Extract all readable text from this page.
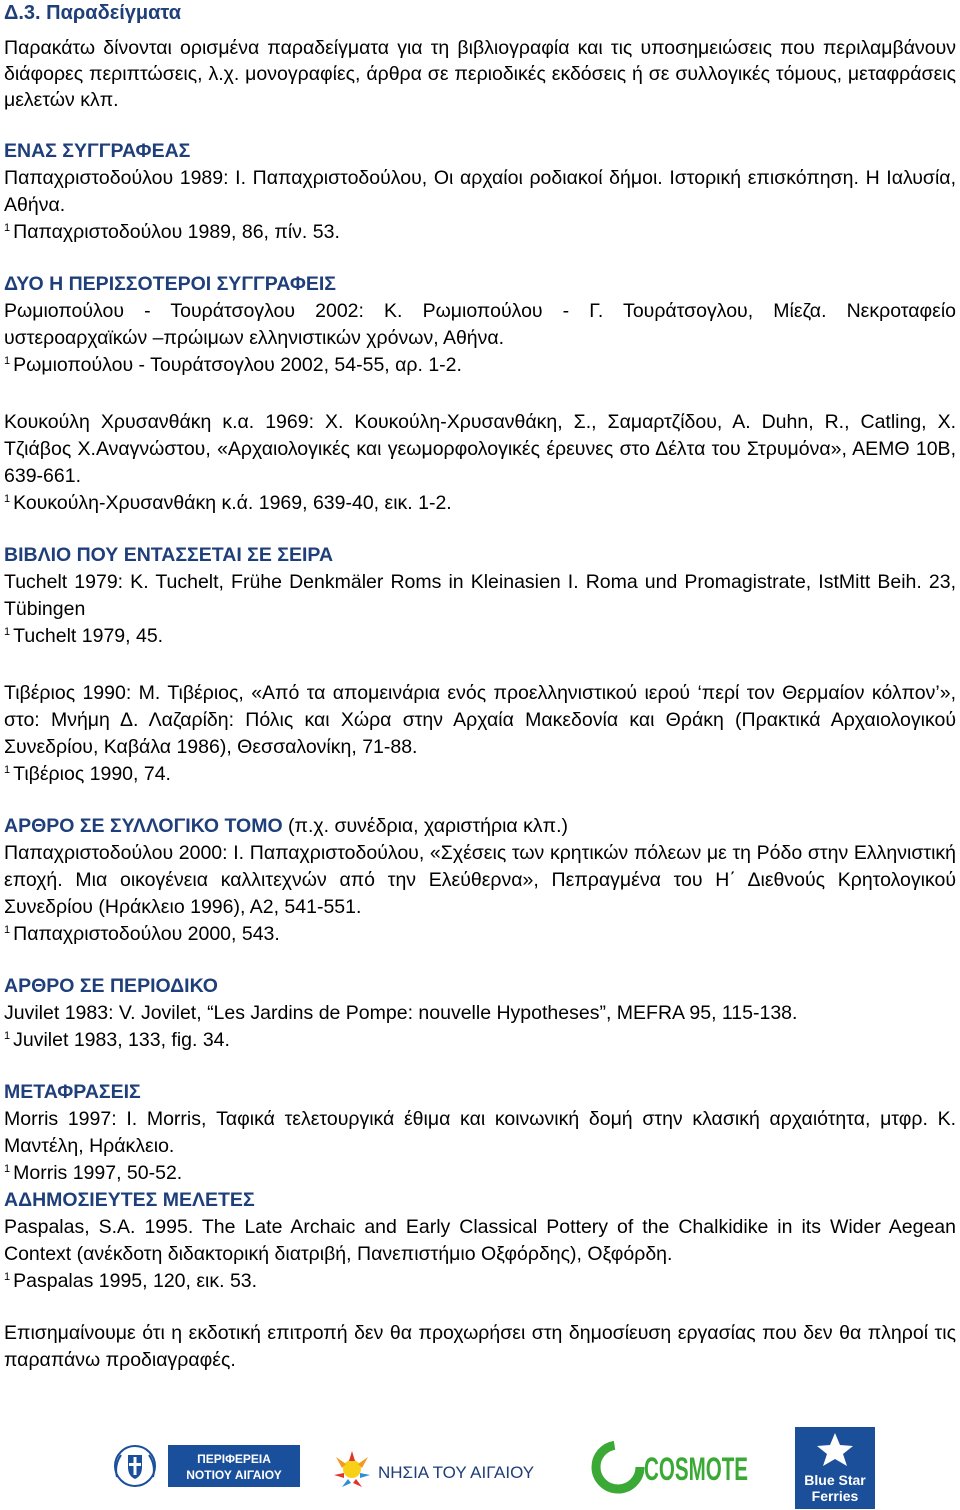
Δ.3. Παραδείγματα

Παρακάτω δίνονται ορισμένα παραδείγματα για τη βιβλιογραφία και τις υποσημειώσεις που περιλαμβάνουν διάφορες περιπτώσεις, λ.χ. μονογραφίες, άρθρα σε περιοδικές εκδόσεις ή σε συλλογικές τόμους, μεταφράσεις μελετών κλπ.

ΕΝΑΣ ΣΥΓΓΡΑΦΕΑΣ

Παπαχριστοδούλου 1989: Ι. Παπαχριστοδούλου, Οι αρχαίοι ροδιακοί δήμοι. Ιστορική επισκόπηση. Η Ιαλυσία, Αθήνα.

$^1$ Παπαχριστοδούλου 1989, 86, πίν. 53.

ΔΥΟ Η ΠΕΡΙΣΣΟΤΕΡΟΙ ΣΥΓΓΡΑΦΕΙΣ

Ρωμιοπούλου - Τουράτσογλου 2002: Κ. Ρωμιοπούλου - Γ. Τουράτσογλου, Μίεζα. Νεκροταφείο υστεροαρχαϊκών –πρώιμων ελληνιστικών χρόνων, Αθήνα.

$^1$ Ρωμιοπούλου - Τουράτσογλου 2002, 54-55, αρ. 1-2.

Κουκούλη Χρυσανθάκη κ.α. 1969: Χ. Κουκούλη-Χρυσανθάκη, Σ., Σαμαρτζίδου, Α. Duhn, R., Catling, Χ. Τζιάβος Χ.Αναγνώστου, «Αρχαιολογικές και γεωμορφολογικές έρευνες στο Δέλτα του Στρυμόνα», ΑΕΜΘ 10Β, 639-661.

$^1$ Κουκούλη-Χρυσανθάκη κ.ά. 1969, 639-40, εικ. 1-2.

ΒΙΒΛΙΟ ΠΟΥ ΕΝΤΑΣΣΕΤΑΙ ΣΕ ΣΕΙΡΑ

Tuchelt 1979: K. Tuchelt, Frühe Denkmäler Roms in Kleinasien I. Roma und Promagistrate, IstMitt Beih. 23, Tübingen

$^1$ Tuchelt 1979, 45.

Τιβέριος 1990: Μ. Τιβέριος, «Από τα απομεινάρια ενός προελληνιστικού ιερού ‘περί τον Θερμαίον κόλπον’», στο: Μνήμη Δ. Λαζαρίδη: Πόλις και Χώρα στην Αρχαία Μακεδονία και Θράκη (Πρακτικά Αρχαιολογικού Συνεδρίου, Καβάλα 1986), Θεσσαλονίκη, 71-88.

$^1$ Τιβέριος 1990, 74.

ΑΡΘΡΟ ΣΕ ΣΥΛΛΟΓΙΚΟ ΤΟΜΟ (π.χ. συνέδρια, χαριστήρια κλπ.)

Παπαχριστοδούλου 2000: Ι. Παπαχριστοδούλου, «Σχέσεις των κρητικών πόλεων με τη Ρόδο στην Ελληνιστική εποχή. Μια οικογένεια καλλιτεχνών από την Ελεύθερνα», Πεπραγμένα του Η΄ Διεθνούς Κρητολογικού Συνεδρίου (Ηράκλειο 1996), Α2, 541-551.

$^1$ Παπαχριστοδούλου 2000, 543.

ΑΡΘΡΟ ΣΕ ΠΕΡΙΟΔΙΚΟ

Juvilet 1983: V. Jovilet, “Les Jardins de Pompe: nouvelle Hypotheses”, MEFRA 95, 115-138.

$^1$ Juvilet 1983, 133, fig. 34.

ΜΕΤΑΦΡΑΣΕΙΣ

Morris 1997: I. Morris, Ταφικά τελετουργικά έθιμα και κοινωνική δομή στην κλασική αρχαιότητα, μτφρ. Κ. Μαντέλη, Ηράκλειο.

$^1$ Morris 1997, 50-52.

ΑΔΗΜΟΣΙΕΥΤΕΣ ΜΕΛΕΤΕΣ

Paspalas, S.A. 1995. The Late Archaic and Early Classical Pottery of the Chalkidike in its Wider Aegean Context (ανέκδοτη διδακτορική διατριβή, Πανεπιστήμιο Οξφόρδης), Οξφόρδη.

$^1$ Paspalas 1995, 120, εικ. 53.

Επισημαίνουμε ότι η εκδοτική επιτροπή δεν θα προχωρήσει στη δημοσίευση εργασίας που δεν θα πληροί τις παραπάνω προδιαγραφές.

ΠΕΡΙΦΕΡΕΙΑ
ΝΟΤΙΟΥ ΑΙΓΑΙΟΥ	ΝΗΣΙΑ ΤΟΥ ΑΙΓΑΙΟΥ	COSMOTE	Blue Star
Ferries
